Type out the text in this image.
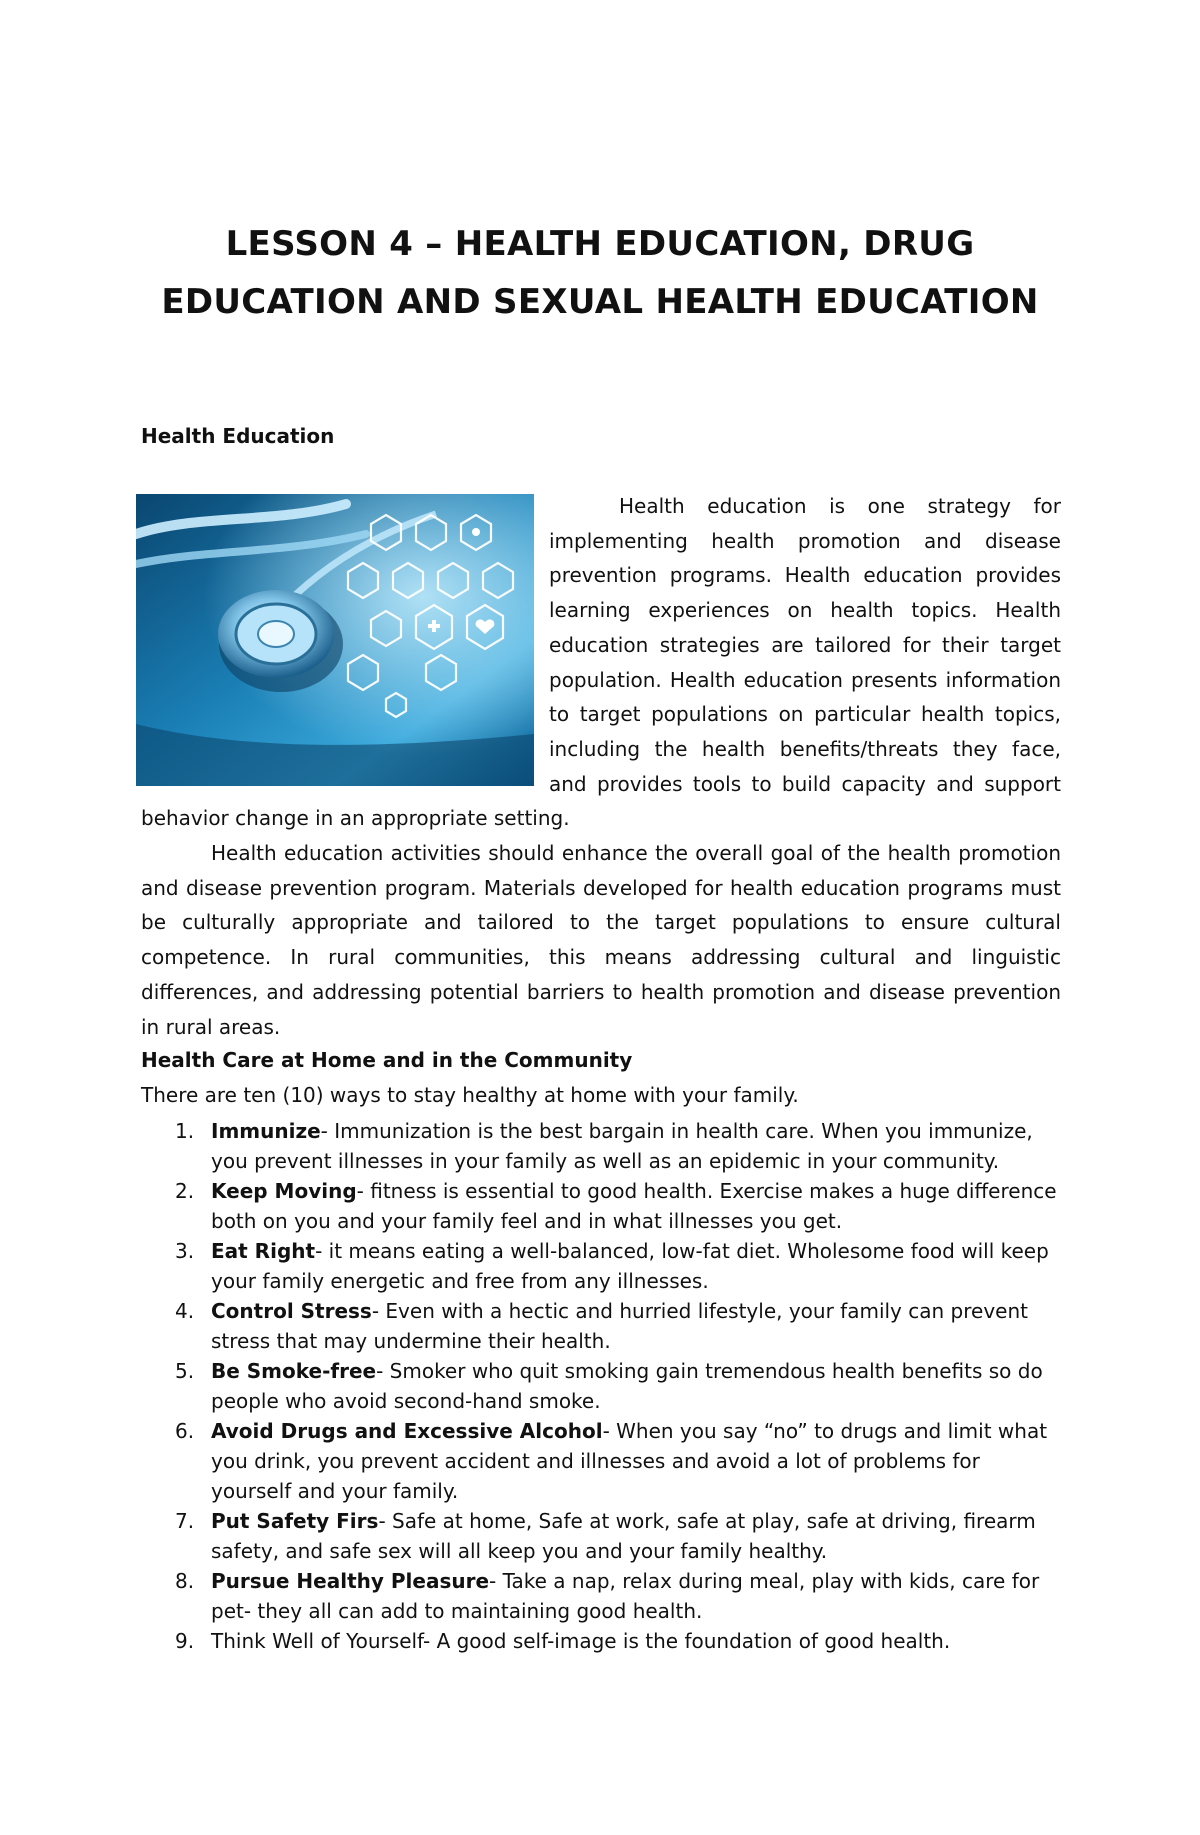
LESSON 4 – HEALTH EDUCATION, DRUG
EDUCATION AND SEXUAL HEALTH EDUCATION
Health Education

Health education is one strategy for implementing health promotion and disease prevention programs. Health education provides learning experiences on health topics. Health education strategies are tailored for their target population. Health education presents information to target populations on particular health topics, including the health benefits/threats they face, and provides tools to build capacity and support behavior change in an appropriate setting.

Health education activities should enhance the overall goal of the health promotion and disease prevention program. Materials developed for health education programs must be culturally appropriate and tailored to the target populations to ensure cultural competence. In rural communities, this means addressing cultural and linguistic differences, and addressing potential barriers to health promotion and disease prevention in rural areas.

Health Care at Home and in the Community
There are ten (10) ways to stay healthy at home with your family.
1. Immunize- Immunization is the best bargain in health care. When you immunize, you prevent illnesses in your family as well as an epidemic in your community.
2. Keep Moving- fitness is essential to good health. Exercise makes a huge difference both on you and your family feel and in what illnesses you get.
3. Eat Right- it means eating a well-balanced, low-fat diet. Wholesome food will keep your family energetic and free from any illnesses.
4. Control Stress- Even with a hectic and hurried lifestyle, your family can prevent stress that may undermine their health.
5. Be Smoke-free- Smoker who quit smoking gain tremendous health benefits so do people who avoid second-hand smoke.
6. Avoid Drugs and Excessive Alcohol- When you say “no” to drugs and limit what you drink, you prevent accident and illnesses and avoid a lot of problems for yourself and your family.
7. Put Safety Firs- Safe at home, Safe at work, safe at play, safe at driving, firearm safety, and safe sex will all keep you and your family healthy.
8. Pursue Healthy Pleasure- Take a nap, relax during meal, play with kids, care for pet- they all can add to maintaining good health.
9. Think Well of Yourself- A good self-image is the foundation of good health.
